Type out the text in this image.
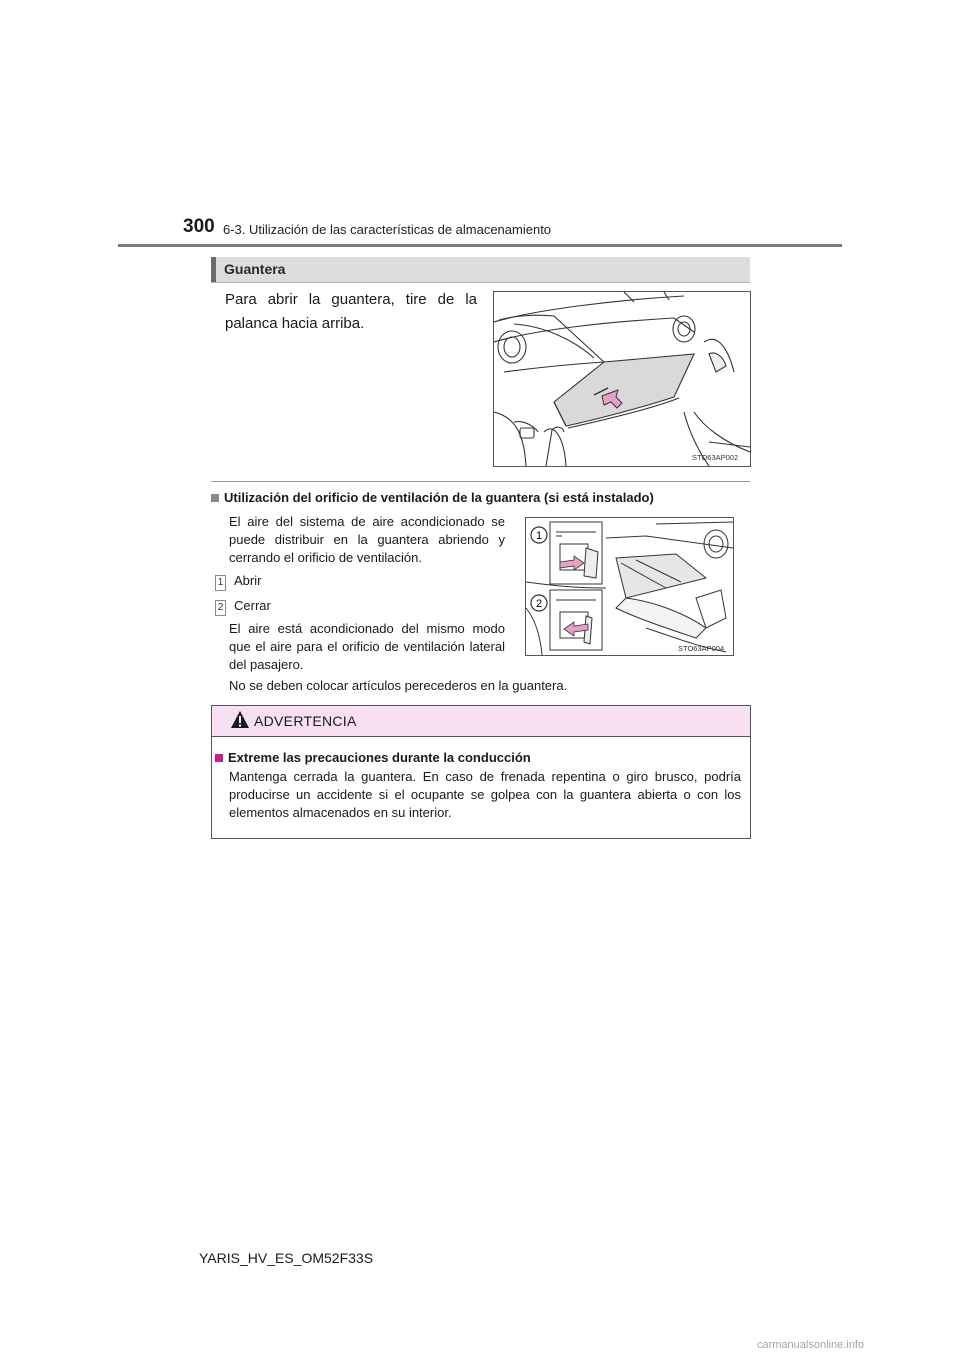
300 6-3. Utilización de las características de almacenamiento
Guantera
Para abrir la guantera, tire de la palanca hacia arriba.
STO63AP002
Utilización del orificio de ventilación de la guantera (si está instalado)
El aire del sistema de aire acondicionado se puede distribuir en la guantera abriendo y cerrando el orificio de ventilación.
1 Abrir
2 Cerrar
El aire está acondicionado del mismo modo que el aire para el orificio de ventilación lateral del pasajero.
No se deben colocar artículos perecederos en la guantera.
1
2
STO63AP004
ADVERTENCIA
Extreme las precauciones durante la conducción
Mantenga cerrada la guantera. En caso de frenada repentina o giro brusco, podría producirse un accidente si el ocupante se golpea con la guantera abierta o con los elementos almacenados en su interior.
YARIS_HV_ES_OM52F33S
carmanualsonline.info
